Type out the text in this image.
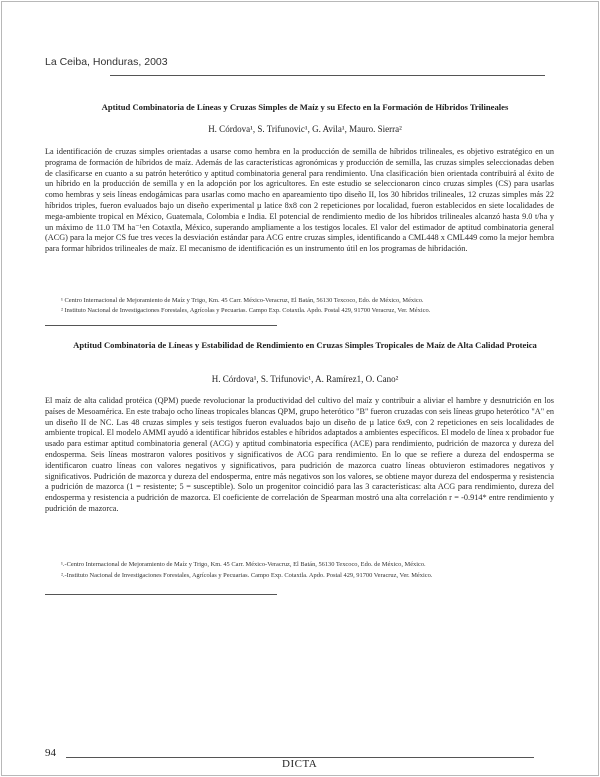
La Ceiba, Honduras, 2003
Aptitud Combinatoria de Líneas y Cruzas Simples de Maíz y su Efecto en la Formación de Híbridos Trilineales
H. Córdova¹, S. Trifunovic¹, G. Avila¹, Mauro. Sierra²
La identificación de cruzas simples orientadas a usarse como hembra en la producción de semilla de híbridos trilineales, es objetivo estratégico en un programa de formación de híbridos de maíz. Además de las características agronómicas y producción de semilla, las cruzas simples seleccionadas deben de clasificarse en cuanto a su patrón heterótico y aptitud combinatoria general para rendimiento. Una clasificación bien orientada contribuirá al éxito de un híbrido en la producción de semilla y en la adopción por los agricultores. En este estudio se seleccionaron cinco cruzas simples (CS) para usarlas como hembras y seis líneas endogámicas para usarlas como macho en apareamiento tipo diseño II, los 30 híbridos trilineales, 12 cruzas simples más 22 híbridos triples, fueron evaluados bajo un diseño experimental µ latice 8x8 con 2 repeticiones por localidad, fueron establecidos en siete localidades de mega-ambiente tropical en México, Guatemala, Colombia e India. El potencial de rendimiento medio de los híbridos trilineales alcanzó hasta 9.0 t/ha y un máximo de 11.0 TM ha⁻¹en Cotaxtla, México, superando ampliamente a los testigos locales. El valor del estimador de aptitud combinatoria general (ACG) para la mejor CS fue tres veces la desviación estándar para ACG entre cruzas simples, identificando a CML448 x CML449 como la mejor hembra para formar híbridos trilineales de maíz. El mecanismo de identificación es un instrumento útil en los programas de hibridación.
¹ Centro Internacional de Mejoramiento de Maíz y Trigo, Km. 45 Carr. México-Veracruz, El Batán, 56130 Texcoco, Edo. de México, México.
² Instituto Nacional de Investigaciones Forestales, Agrícolas y Pecuarias. Campo Exp. Cotaxtla. Apdo. Postal 429, 91700 Veracruz, Ver. México.
Aptitud Combinatoria de Líneas y Estabilidad de Rendimiento en Cruzas Simples Tropicales de Maíz de Alta Calidad Proteica
H. Córdova¹, S. Trifunovic¹, A. Ramírez1, O. Cano²
El maíz de alta calidad protéica (QPM) puede revolucionar la productividad del cultivo del maíz y contribuir a aliviar el hambre y desnutrición en los países de Mesoamérica. En este trabajo ocho líneas tropicales blancas QPM, grupo heterótico "B" fueron cruzadas con seis líneas grupo heterótico "A" en un diseño II de NC. Las 48 cruzas simples y seis testigos fueron evaluados bajo un diseño de µ latice 6x9, con 2 repeticiones en seis localidades de ambiente tropical. El modelo AMMI ayudó a identificar híbridos estables e híbridos adaptados a ambientes específicos. El modelo de línea x probador fue usado para estimar aptitud combinatoria general (ACG) y aptitud combinatoria específica (ACE) para rendimiento, pudrición de mazorca y dureza del endosperma. Seis líneas mostraron valores positivos y significativos de ACG para rendimiento. En lo que se refiere a dureza del endosperma se identificaron cuatro líneas con valores negativos y significativos, para pudrición de mazorca cuatro líneas obtuvieron estimadores negativos y significativos. Pudrición de mazorca y dureza del endosperma, entre más negativos son los valores, se obtiene mayor dureza del endosperma y resistencia a pudrición de mazorca (1 = resistente; 5 = susceptible). Solo un progenitor coincidió para las 3 características: alta ACG para rendimiento, dureza del endosperma y resistencia a pudrición de mazorca. El coeficiente de correlación de Spearman mostró una alta correlación r = -0.914* entre rendimiento y pudrición de mazorca.
¹.-Centro Internacional de Mejoramiento de Maíz y Trigo, Km. 45 Carr. México-Veracruz, El Batán, 56130 Texcoco, Edo. de México, México.
².-Instituto Nacional de Investigaciones Forestales, Agrícolas y Pecuarias. Campo Exp. Cotaxtla. Apdo. Postal 429, 91700 Veracruz, Ver. México.
94
DICTA
